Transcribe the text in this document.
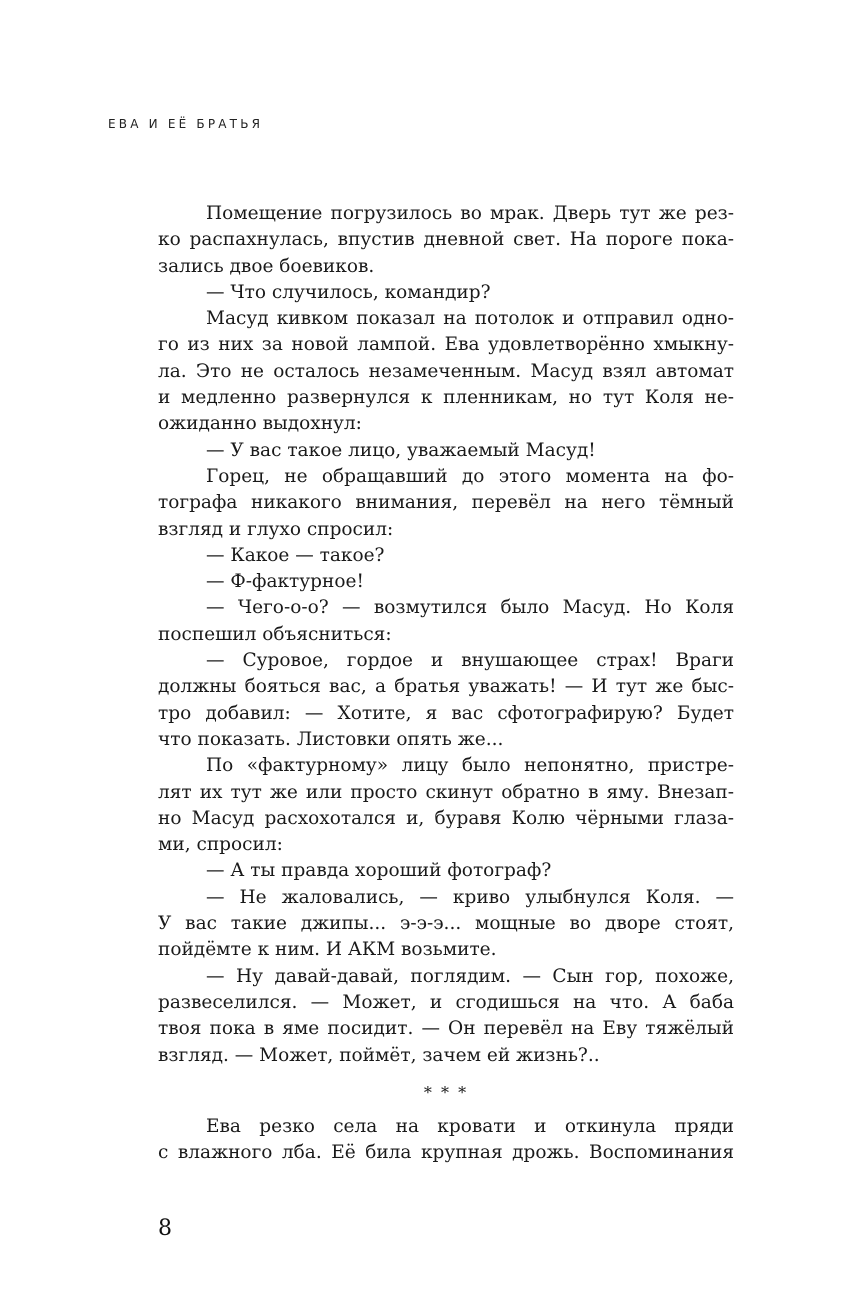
ЕВА И ЕЁ БРАТЬЯ
Помещение погрузилось во мрак. Дверь тут же рез-
ко распахнулась, впустив дневной свет. На пороге пока-
зались двое боевиков.
— Что случилось, командир?
Масуд кивком показал на потолок и отправил одно-
го из них за новой лампой. Ева удовлетворённо хмыкну-
ла. Это не осталось незамеченным. Масуд взял автомат
и медленно развернулся к пленникам, но тут Коля не-
ожиданно выдохнул:
— У вас такое лицо, уважаемый Масуд!
Горец, не обращавший до этого момента на фо-
тографа никакого внимания, перевёл на него тёмный
взгляд и глухо спросил:
— Какое — такое?
— Ф-фактурное!
— Чего-о-о? — возмутился было Масуд. Но Коля
поспешил объясниться:
— Суровое, гордое и внушающее страх! Враги
должны бояться вас, а братья уважать! — И тут же быс-
тро добавил: — Хотите, я вас сфотографирую? Будет
что показать. Листовки опять же...
По «фактурному» лицу было непонятно, пристре-
лят их тут же или просто скинут обратно в яму. Внезап-
но Масуд расхохотался и, буравя Колю чёрными глаза-
ми, спросил:
— А ты правда хороший фотограф?
— Не жаловались, — криво улыбнулся Коля. —
У вас такие джипы... э-э-э... мощные во дворе стоят,
пойдёмте к ним. И АКМ возьмите.
— Ну давай-давай, поглядим. — Сын гор, похоже,
развеселился. — Может, и сгодишься на что. А баба
твоя пока в яме посидит. — Он перевёл на Еву тяжёлый
взгляд. — Может, поймёт, зачем ей жизнь?..
* * *
Ева резко села на кровати и откинула пряди
с влажного лба. Её била крупная дрожь. Воспоминания
8
